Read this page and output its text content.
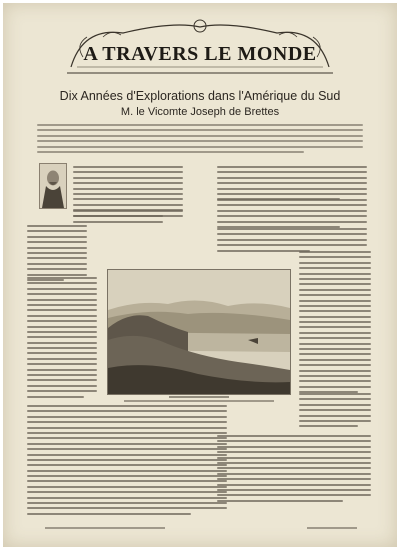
A TRAVERS LE MONDE
Dix Années d'Explorations dans l'Amérique du Sud
M. le Vicomte Joseph de Brettes
